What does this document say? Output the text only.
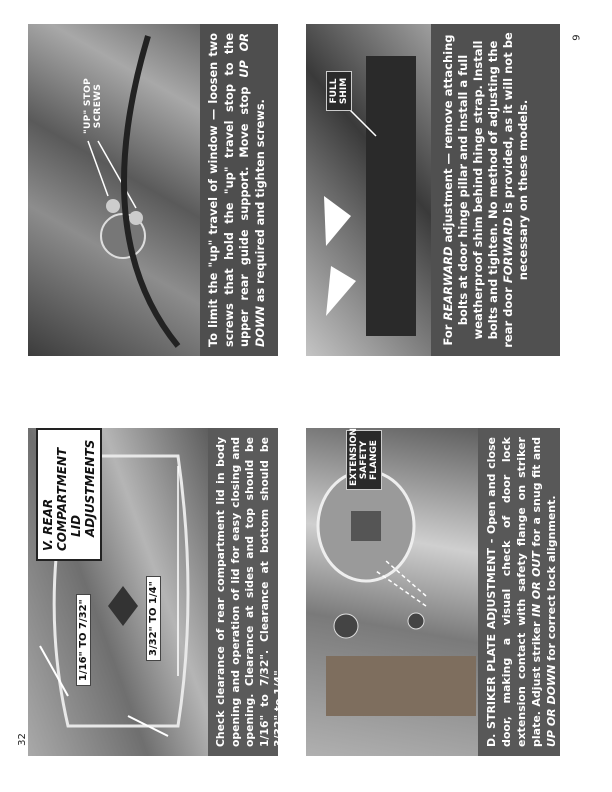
32
9
V. REAR COMPARTMENT LID ADJUSTMENTS
1/16" TO 7/32"	3/32" TO 1/4"	Check clearance of rear compartment lid in body opening and operation of lid for easy closing and opening. Clearance at sides and top should be 1/16" to 7/32". Clearance at bottom should be 3/32" to 1/4".
"UP" STOP SCREWS	To limit the "up" travel of window — loosen two screws that hold the "up" travel stop to the upper rear guide support. Move stop UP OR DOWN as required and tighten screws.
EXTENSION SAFETY FLANGE	D. STRIKER PLATE ADJUSTMENT - Open and close door, making a visual check of door lock extension contact with safety flange on striker plate. Adjust striker IN OR OUT for a snug fit and UP OR DOWN for correct lock alignment.
FULL SHIM
For REARWARD adjustment — remove attaching bolts at door hinge pillar and install a full weatherproof shim behind hinge strap. Install bolts and tighten. No method of adjusting the rear door FORWARD is provided, as it will not be necessary on these models.
